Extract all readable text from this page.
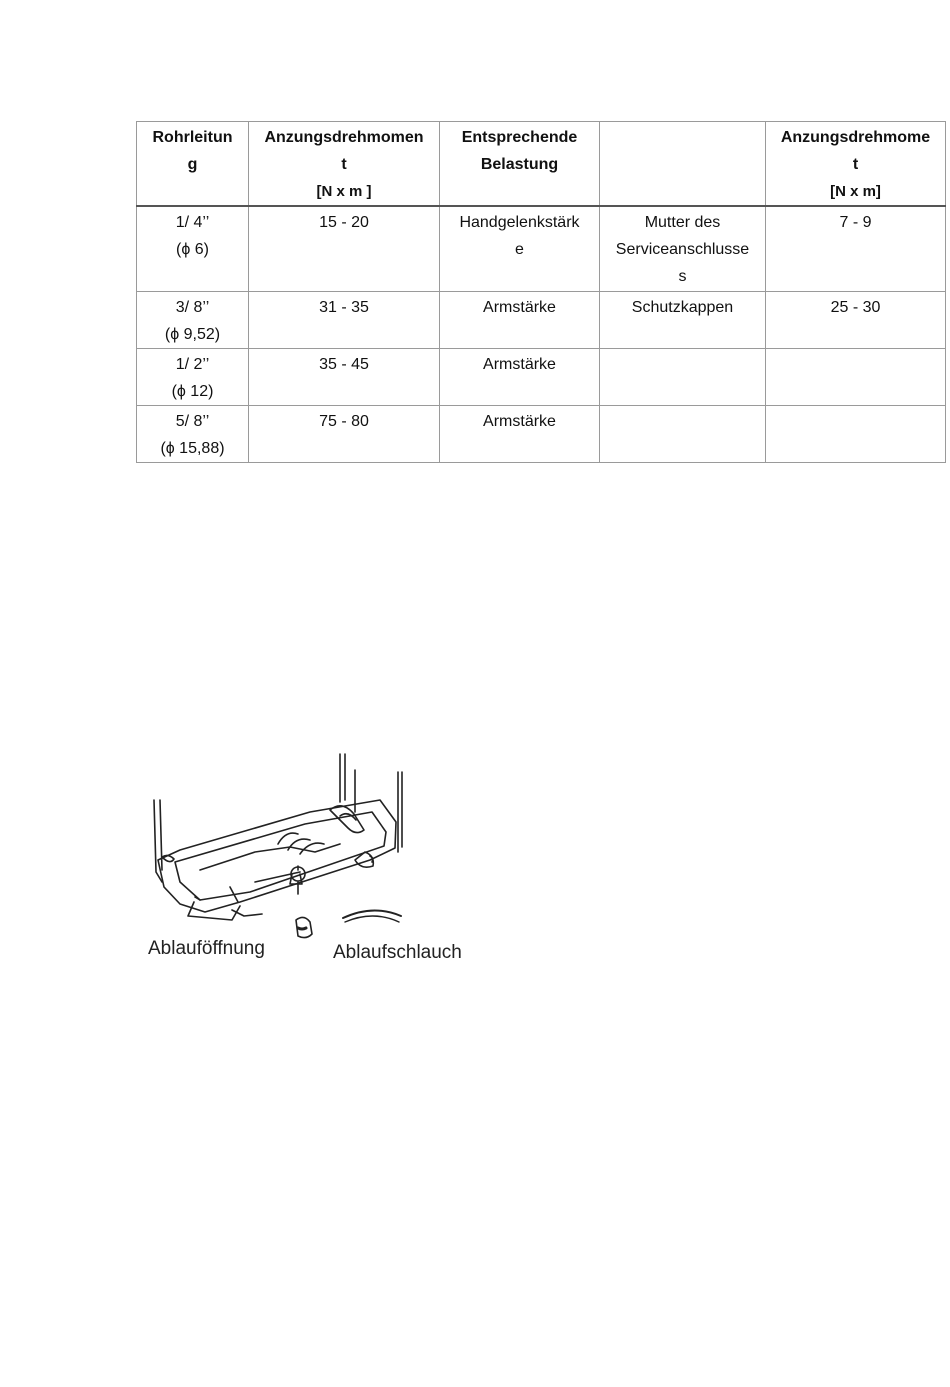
Rohrleitun
g	Anzungsdrehmomen
t
[N x m ]	Entsprechende
Belastung		Anzungsdrehmome
t
[N x m]

1/ 4’’
(ϕ 6)	15 - 20	Handgelenkstärk
e	Mutter des
Serviceanschlusse
s	7 - 9

3/ 8’’
(ϕ 9,52)	31 - 35	Armstärke	Schutzkappen	25 - 30

1/ 2’’
(ϕ 12)	35 - 45	Armstärke		

5/ 8’’
(ϕ 15,88)	75 - 80	Armstärke		
Ablauföffnung	Ablaufschlauch
